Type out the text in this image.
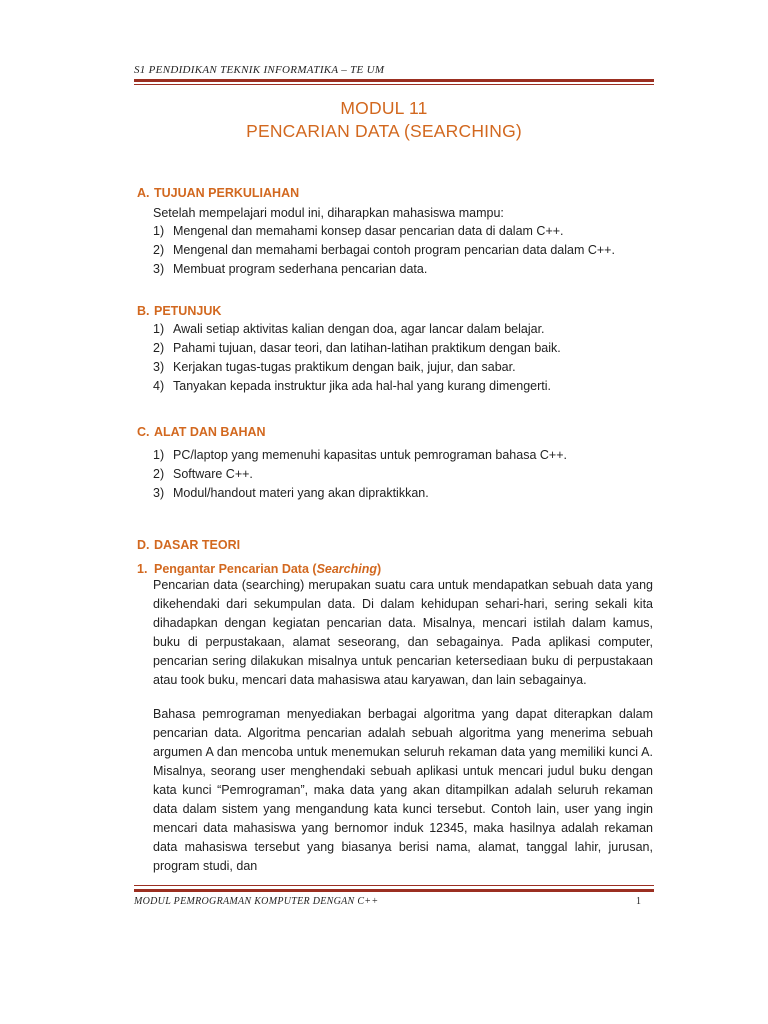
S1 PENDIDIKAN TEKNIK INFORMATIKA – TE UM
MODUL 11
PENCARIAN DATA (SEARCHING)
A. TUJUAN PERKULIAHAN
Setelah mempelajari modul ini, diharapkan mahasiswa mampu:
1) Mengenal dan memahami konsep dasar pencarian data di dalam C++.
2) Mengenal dan memahami berbagai contoh program pencarian data dalam C++.
3) Membuat program sederhana pencarian data.
B. PETUNJUK
1) Awali setiap aktivitas kalian dengan doa, agar lancar dalam belajar.
2) Pahami tujuan, dasar teori, dan latihan-latihan praktikum dengan baik.
3) Kerjakan tugas-tugas praktikum dengan baik, jujur, dan sabar.
4) Tanyakan kepada instruktur jika ada hal-hal yang kurang dimengerti.
C. ALAT DAN BAHAN
1) PC/laptop yang memenuhi kapasitas untuk pemrograman bahasa C++.
2) Software C++.
3) Modul/handout materi yang akan dipraktikkan.
D. DASAR TEORI
1. Pengantar Pencarian Data (Searching)
Pencarian data (searching) merupakan suatu cara untuk mendapatkan sebuah data yang dikehendaki dari sekumpulan data. Di dalam kehidupan sehari-hari, sering sekali kita dihadapkan dengan kegiatan pencarian data. Misalnya, mencari istilah dalam kamus, buku di perpustakaan, alamat seseorang, dan sebagainya. Pada aplikasi computer, pencarian sering dilakukan misalnya untuk pencarian ketersediaan buku di perpustakaan atau took buku, mencari data mahasiswa atau karyawan, dan lain sebagainya.
Bahasa pemrograman menyediakan berbagai algoritma yang dapat diterapkan dalam pencarian data. Algoritma pencarian adalah sebuah algoritma yang menerima sebuah argumen A dan mencoba untuk menemukan seluruh rekaman data yang memiliki kunci A. Misalnya, seorang user menghendaki sebuah aplikasi untuk mencari judul buku dengan kata kunci “Pemrograman”, maka data yang akan ditampilkan adalah seluruh rekaman data dalam sistem yang mengandung kata kunci tersebut. Contoh lain, user yang ingin mencari data mahasiswa yang bernomor induk 12345, maka hasilnya adalah rekaman data mahasiswa tersebut yang biasanya berisi nama, alamat, tanggal lahir, jurusan, program studi, dan
MODUL PEMROGRAMAN KOMPUTER DENGAN C++	1
